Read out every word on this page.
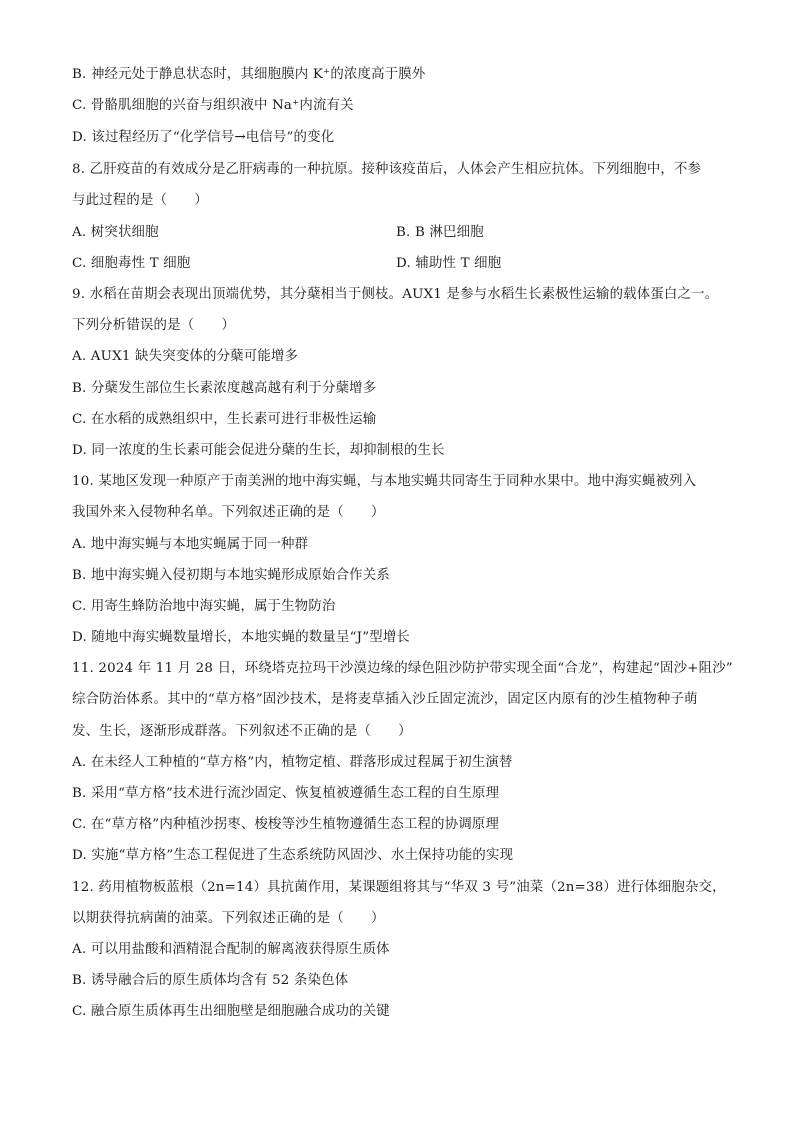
B. 神经元处于静息状态时，其细胞膜内 K⁺的浓度高于膜外
C. 骨骼肌细胞的兴奋与组织液中 Na⁺内流有关
D. 该过程经历了“化学信号→电信号”的变化
8. 乙肝疫苗的有效成分是乙肝病毒的一种抗原。接种该疫苗后，人体会产生相应抗体。下列细胞中，不参
与此过程的是（　　）
A. 树突状细胞	B. B 淋巴细胞
C. 细胞毒性 T 细胞	D. 辅助性 T 细胞
9. 水稻在苗期会表现出顶端优势，其分蘖相当于侧枝。AUX1 是参与水稻生长素极性运输的载体蛋白之一。
下列分析错误的是（　　）
A. AUX1 缺失突变体的分蘖可能增多
B. 分蘖发生部位生长素浓度越高越有利于分蘖增多
C. 在水稻的成熟组织中，生长素可进行非极性运输
D. 同一浓度的生长素可能会促进分蘖的生长，却抑制根的生长
10. 某地区发现一种原产于南美洲的地中海实蝇，与本地实蝇共同寄生于同种水果中。地中海实蝇被列入
我国外来入侵物种名单。下列叙述正确的是（　　）
A. 地中海实蝇与本地实蝇属于同一种群
B. 地中海实蝇入侵初期与本地实蝇形成原始合作关系
C. 用寄生蜂防治地中海实蝇，属于生物防治
D. 随地中海实蝇数量增长，本地实蝇的数量呈“J”型增长
11. 2024 年 11 月 28 日，环绕塔克拉玛干沙漠边缘的绿色阻沙防护带实现全面“合龙”，构建起“固沙+阻沙”
综合防治体系。其中的“草方格”固沙技术，是将麦草插入沙丘固定流沙，固定区内原有的沙生植物种子萌
发、生长，逐渐形成群落。下列叙述不正确的是（　　）
A. 在未经人工种植的“草方格”内，植物定植、群落形成过程属于初生演替
B. 采用“草方格”技术进行流沙固定、恢复植被遵循生态工程的自生原理
C. 在“草方格”内种植沙拐枣、梭梭等沙生植物遵循生态工程的协调原理
D. 实施“草方格”生态工程促进了生态系统防风固沙、水土保持功能的实现
12. 药用植物板蓝根（2n=14）具抗菌作用，某课题组将其与“华双 3 号”油菜（2n=38）进行体细胞杂交，
以期获得抗病菌的油菜。下列叙述正确的是（　　）
A. 可以用盐酸和酒精混合配制的解离液获得原生质体
B. 诱导融合后的原生质体均含有 52 条染色体
C. 融合原生质体再生出细胞壁是细胞融合成功的关键
